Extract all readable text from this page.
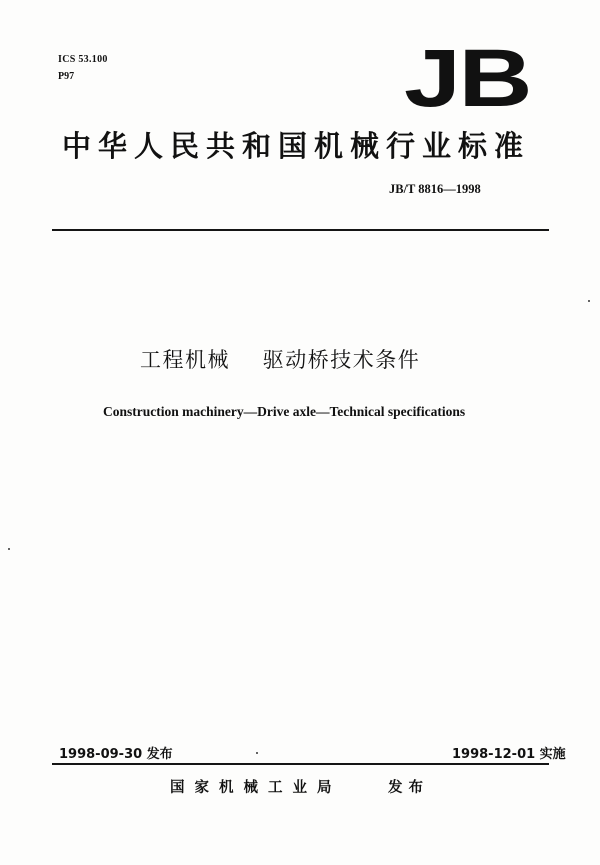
ICS 53.100
P97	JB
中华人民共和国机械行业标准
JB/T 8816—1998
工程机械    驱动桥技术条件
Construction machinery—Drive axle—Technical specifications
1998-09-30 发布	1998-12-01 实施
国家机械工业局	发布
